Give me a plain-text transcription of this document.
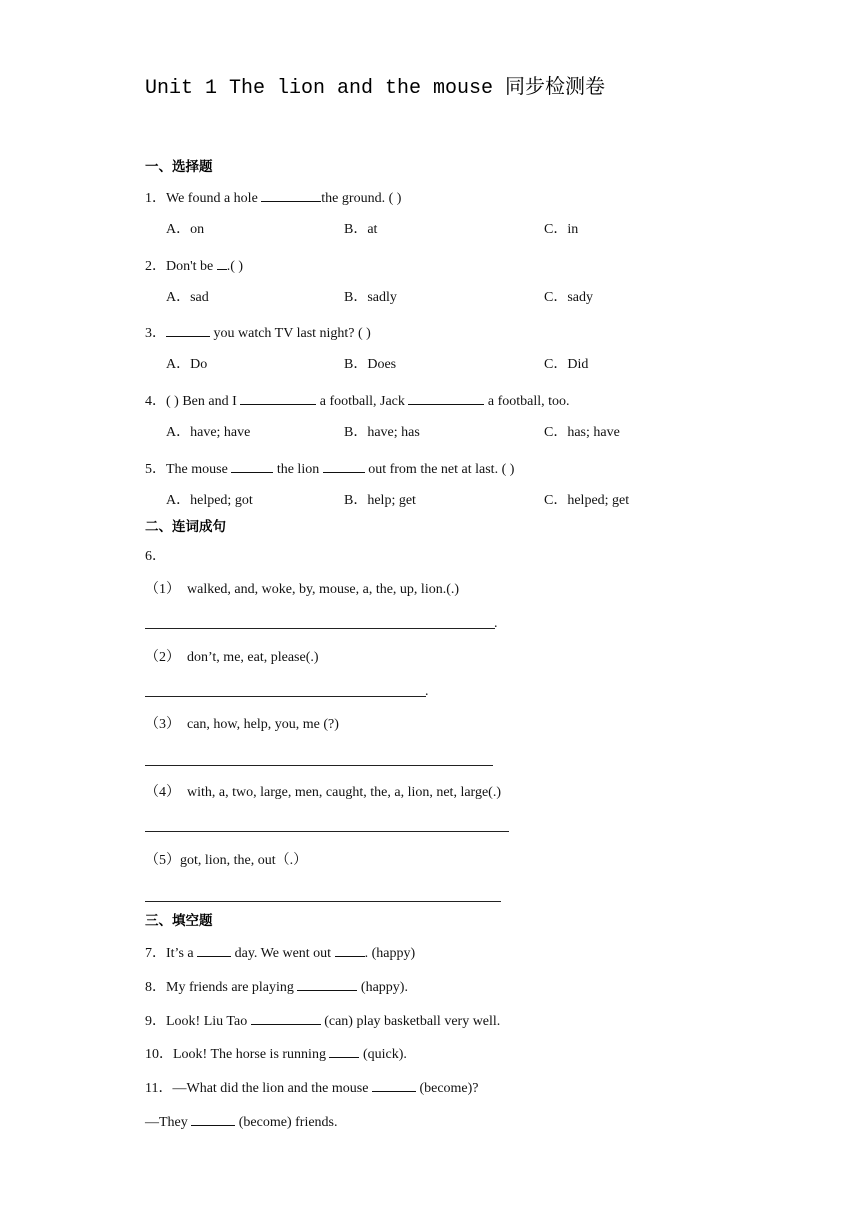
Unit 1 The lion and the mouse 同步检测卷
一、选择题
1．We found a hole	the ground. ( )
A．on	B．at	C．in
2．Don't be .( )
A．sad	B．sadly	C．sady
3．	you watch TV last night? ( )
A．Do	B．Does	C．Did
4．( ) Ben and I	a football, Jack	a football, too.
A．have; have	B．have; has	C．has; have
5．The mouse	the lion	out from the net at last. ( )
A．helped; got	B．help; get	C．helped; get
二、连词成句
6．
（1） walked, and, woke, by, mouse, a, the, up, lion.(.)
.
（2） don’t, me, eat, please(.)
.
（3） can, how, help, you, me (?)
（4） with, a, two, large, men, caught, the, a, lion, net, large(.)
（5）got, lion, the, out（.）
三、填空题
7．It’s a  day. We went out . (happy)
8．My friends are playing	(happy).
9．Look! Liu Tao	(can) play basketball very well.
10．Look! The horse is running  (quick).
11．—What did the lion and the mouse	(become)?
—They	(become) friends.
